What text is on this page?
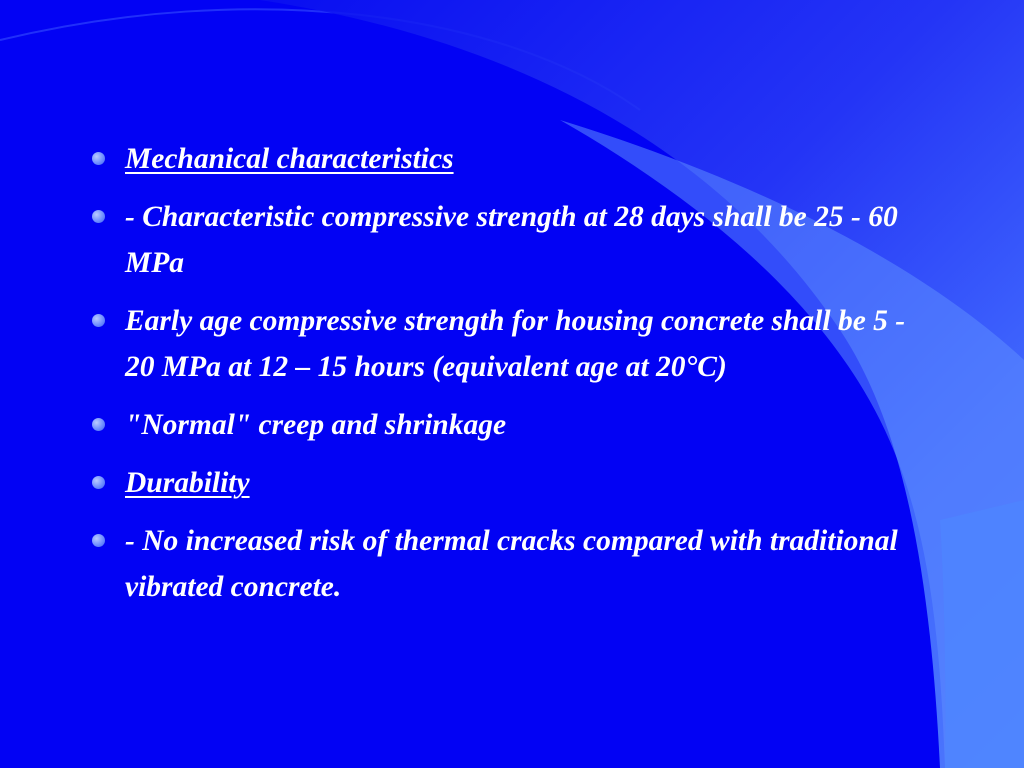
Mechanical characteristics
- Characteristic compressive strength at 28 days shall be 25 - 60 MPa
Early age compressive strength for housing concrete shall be 5 - 20 MPa at 12 – 15 hours (equivalent age at 20°C)
"Normal" creep and shrinkage
Durability
- No increased risk of thermal cracks compared with traditional vibrated concrete.
